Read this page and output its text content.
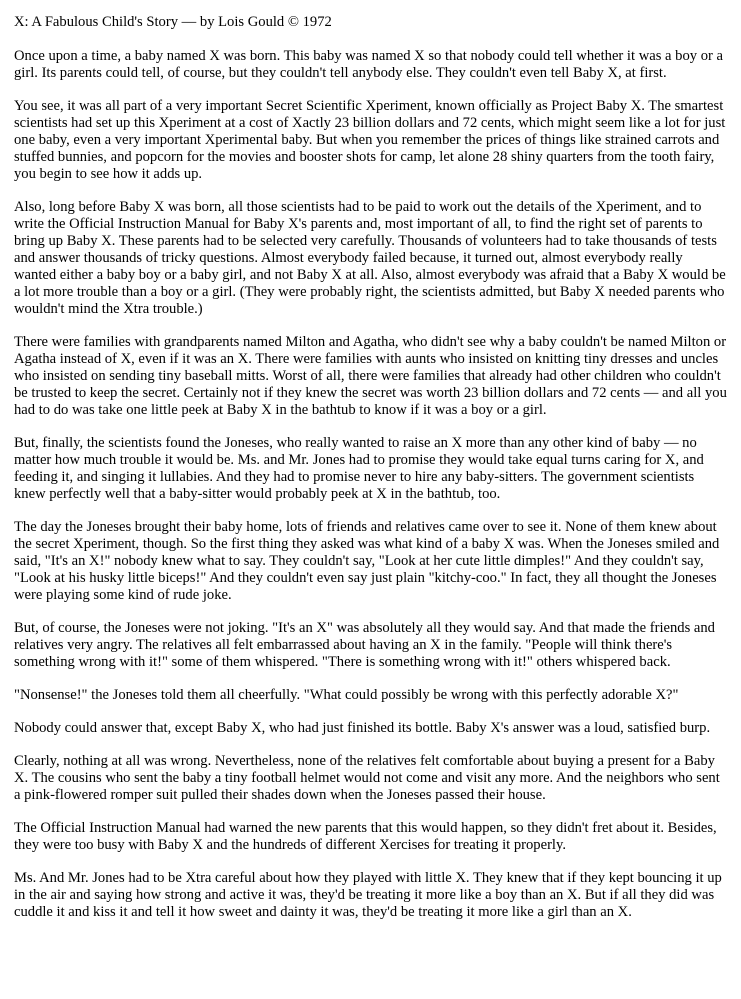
X: A Fabulous Child's Story — by Lois Gould © 1972

Once upon a time, a baby named X was born. This baby was named X so that nobody could tell whether it was a boy or a girl. Its parents could tell, of course, but they couldn't tell anybody else. They couldn't even tell Baby X, at first.

You see, it was all part of a very important Secret Scientific Xperiment, known officially as Project Baby X. The smartest scientists had set up this Xperiment at a cost of Xactly 23 billion dollars and 72 cents, which might seem like a lot for just one baby, even a very important Xperimental baby. But when you remember the prices of things like strained carrots and stuffed bunnies, and popcorn for the movies and booster shots for camp, let alone 28 shiny quarters from the tooth fairy, you begin to see how it adds up.

Also, long before Baby X was born, all those scientists had to be paid to work out the details of the Xperiment, and to write the Official Instruction Manual for Baby X's parents and, most important of all, to find the right set of parents to bring up Baby X. These parents had to be selected very carefully. Thousands of volunteers had to take thousands of tests and answer thousands of tricky questions. Almost everybody failed because, it turned out, almost everybody really wanted either a baby boy or a baby girl, and not Baby X at all. Also, almost everybody was afraid that a Baby X would be a lot more trouble than a boy or a girl. (They were probably right, the scientists admitted, but Baby X needed parents who wouldn't mind the Xtra trouble.)

There were families with grandparents named Milton and Agatha, who didn't see why a baby couldn't be named Milton or Agatha instead of X, even if it was an X. There were families with aunts who insisted on knitting tiny dresses and uncles who insisted on sending tiny baseball mitts. Worst of all, there were families that already had other children who couldn't be trusted to keep the secret. Certainly not if they knew the secret was worth 23 billion dollars and 72 cents — and all you had to do was take one little peek at Baby X in the bathtub to know if it was a boy or a girl.

But, finally, the scientists found the Joneses, who really wanted to raise an X more than any other kind of baby — no matter how much trouble it would be. Ms. and Mr. Jones had to promise they would take equal turns caring for X, and feeding it, and singing it lullabies. And they had to promise never to hire any baby-sitters. The government scientists knew perfectly well that a baby-sitter would probably peek at X in the bathtub, too.

The day the Joneses brought their baby home, lots of friends and relatives came over to see it. None of them knew about the secret Xperiment, though. So the first thing they asked was what kind of a baby X was. When the Joneses smiled and said, "It's an X!" nobody knew what to say. They couldn't say, "Look at her cute little dimples!" And they couldn't say, "Look at his husky little biceps!" And they couldn't even say just plain "kitchy-coo." In fact, they all thought the Joneses were playing some kind of rude joke.

But, of course, the Joneses were not joking. "It's an X" was absolutely all they would say. And that made the friends and relatives very angry. The relatives all felt embarrassed about having an X in the family. "People will think there's something wrong with it!" some of them whispered. "There is something wrong with it!" others whispered back.

"Nonsense!" the Joneses told them all cheerfully. "What could possibly be wrong with this perfectly adorable X?"

Nobody could answer that, except Baby X, who had just finished its bottle. Baby X's answer was a loud, satisfied burp.

Clearly, nothing at all was wrong. Nevertheless, none of the relatives felt comfortable about buying a present for a Baby X. The cousins who sent the baby a tiny football helmet would not come and visit any more. And the neighbors who sent a pink-flowered romper suit pulled their shades down when the Joneses passed their house.

The Official Instruction Manual had warned the new parents that this would happen, so they didn't fret about it. Besides, they were too busy with Baby X and the hundreds of different Xercises for treating it properly.

Ms. And Mr. Jones had to be Xtra careful about how they played with little X. They knew that if they kept bouncing it up in the air and saying how strong and active it was, they'd be treating it more like a boy than an X. But if all they did was cuddle it and kiss it and tell it how sweet and dainty it was, they'd be treating it more like a girl than an X.
